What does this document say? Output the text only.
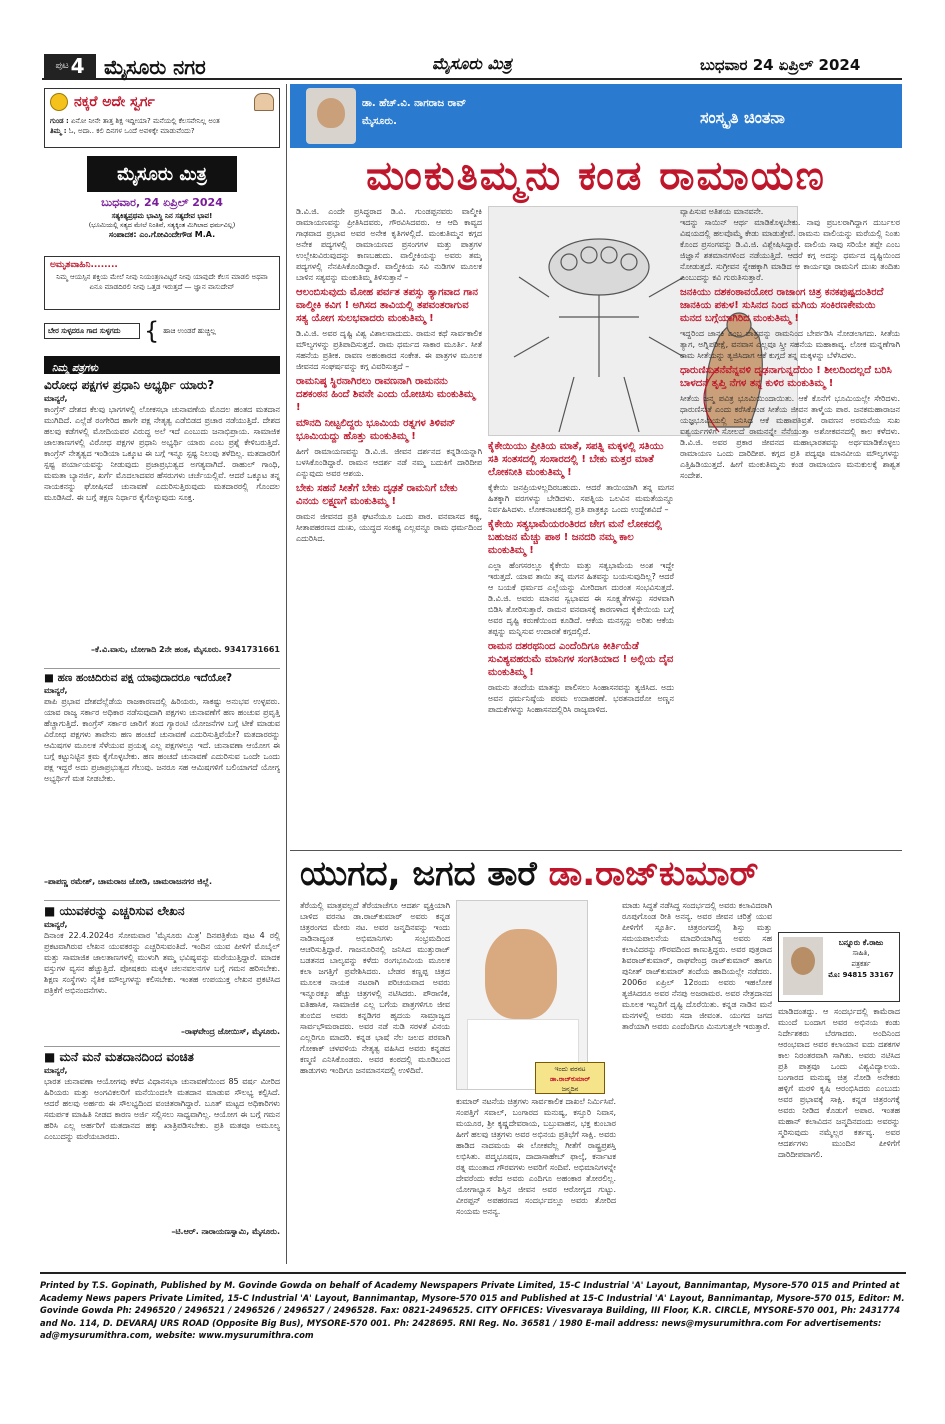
ಪುಟ 4 ಮೈಸೂರು ನಗರ	ಮೈಸೂರು ಮಿತ್ರ	ಬುಧವಾರ 24 ಏಪ್ರಿಲ್ 2024
ನಕ್ಕರೆ ಅದೇ ಸ್ವರ್ಗ
ಗುಂಡ : ಏನೋ ನೀನೇ ತಾತ್ತ ಶಿಕ್ಷ ಇದ್ದೀಯಾ? ಮನೆಯಲ್ಲಿ ಕೆಲಸವೇನಿಲ್ಲ ಅಂತ
ತಿಮ್ಮ : ಓ, ಅದಾ.. ಕಲಿ ದಿನಗಳ ಒಂದೆ ಅವಳಿಕ್ಕೇ ಮಾಡುವೆಂದು?
ಮೈಸೂರು ಮಿತ್ರ
ಬುಧವಾರ, 24 ಏಪ್ರಿಲ್ 2024
ಸತ್ಯಕಿತ್ಯಪ್ರಥಮ ಭಾವಿಸ್ಥಿ ನಿನ ಸತ್ಯದೇವ ಭಾವ!
(ಭೂಮಿಯಲ್ಲಿ ಸತ್ಯದ ಮೇಲೆ ನಿಂತಿವೆ, ಸತ್ಯಕ್ಕಿಂತ ಮಿಗಿಲಾದ ಧರ್ಮವಿಲ್ಲ)
ಸಂಪಾದಕ: ಎಂ.ಗೋವಿಂದೇಗೌಡ M.A.
ಅಮೃತವಾಹಿನಿ........
ನಿಮ್ಮ ಆಯಸ್ಸಿನ ಶಕ್ತಿಯ ಮೇಲೆ ನೀವು ನಿಯಂತ್ರಣವಿಟ್ಟರೆ ನೀವು ಯಾವುದೇ ಕೆಲಸ ಮಾಡಲಿ ಅಥವಾ ಏನೂ ಮಾಡದಿರಲಿ ನೀವು ಒತ್ತಡ ಇರುತ್ತದೆ — ಜ್ಞಾನ ವಾಸುದೇವ್
ಬೇರ ಸುಳ್ಳದರೂ ಗಾದ ಸುಳ್ಳಗದು { ಹಾಚಿ ಉಂಡರೆ ಹುಚ್ಚಿಲ್ಲ
ನಿಮ್ಮ ಪತ್ರಗಳು
ವಿರೋಧ ಪಕ್ಷಗಳ ಪ್ರಧಾನಿ ಅಭ್ಯರ್ಥಿ ಯಾರು?
ಮಾನ್ಯರೆ,
ಕಾಂಗ್ರೆಸ್ ದೇಶದ ಕೆಲವು ಭಾಗಗಳಲ್ಲಿ ಲೋಕಸಭಾ ಚುನಾವಣೆಯ ಮೊದಲ ಹಂತದ ಮತದಾನ ಮುಗಿದಿದೆ. ಎಲ್ಲೆಡೆ ರಂಗೇರಿದ ಹಾಗೇ ಪಕ್ಷ ನೇತೃತ್ವ ಎಡೆಬಿಡದ ಪ್ರಚಾರ ನಡೆಯುತ್ತಿದೆ. ದೇಶದ ಹಲವು ಕಡೆಗಳಲ್ಲಿ ಮೋದಿಯವರ ವಿರುದ್ಧ ಅಲೆ ಇದೆ ಎಂಬುದು ಜನಾಭಿಪ್ರಾಯ. ಸಾಮಾಜಿಕ ಜಾಲತಾಣಗಳಲ್ಲಿ ವಿರೋಧ ಪಕ್ಷಗಳ ಪ್ರಧಾನಿ ಅಭ್ಯರ್ಥಿ ಯಾರು ಎಂಬ ಪ್ರಶ್ನೆ ಕೇಳಿಬರುತ್ತಿದೆ. ಕಾಂಗ್ರೆಸ್ ನೇತೃತ್ವದ ಇಂಡಿಯಾ ಒಕ್ಕೂಟ ಈ ಬಗ್ಗೆ ಇನ್ನೂ ಸ್ಪಷ್ಟ ನಿಲುವು ತಳೆದಿಲ್ಲ. ಮತದಾರರಿಗೆ ಸ್ಪಷ್ಟ ಪರ್ಯಾಯವನ್ನು ನೀಡುವುದು ಪ್ರಜಾಪ್ರಭುತ್ವದ ಅಗತ್ಯವಾಗಿದೆ. ರಾಹುಲ್ ಗಾಂಧಿ, ಮಮತಾ ಬ್ಯಾನರ್ಜಿ, ಖರ್ಗೆ ಮೊದಲಾದವರ ಹೆಸರುಗಳು ಚರ್ಚೆಯಲ್ಲಿವೆ. ಆದರೆ ಒಕ್ಕೂಟ ತನ್ನ ನಾಯಕನನ್ನು ಘೋಷಿಸದೆ ಚುನಾವಣೆ ಎದುರಿಸುತ್ತಿರುವುದು ಮತದಾರರಲ್ಲಿ ಗೊಂದಲ ಮೂಡಿಸಿದೆ. ಈ ಬಗ್ಗೆ ತಕ್ಷಣ ನಿರ್ಧಾರ ಕೈಗೊಳ್ಳುವುದು ಸೂಕ್ತ.
–ಕೆ.ವಿ.ವಾಸು, ಬೋಗಾದಿ 2ನೇ ಹಂತ, ಮೈಸೂರು. 9341731661
■ ಹಣ ಹಂಚಿದಿರುವ ಪಕ್ಷ ಯಾವುದಾದರೂ ಇದೆಯೋ?
ಮಾನ್ಯರೆ,
ಪಾಪಿ ಪ್ರಭಾವ ದೇಶದೆಲ್ಲೆಡೆಯ ರಾಜಕಾರಣದಲ್ಲಿ ಹಿರಿಯರು, ಸಾಕಷ್ಟು ಅನುಭವ ಉಳ್ಳವರು. ಯಾವ ರಾಜ್ಯ ಸರ್ಕಾರ ಅಧಿಕಾರ ನಡೆಸುವುದಾಗಿ ಪಕ್ಷಗಳು ಚುನಾವಣೆಗೆ ಹಣ ಹಂಚುವ ಪ್ರವೃತ್ತಿ ಹೆಚ್ಚಾಗುತ್ತಿದೆ. ಕಾಂಗ್ರೆಸ್ ಸರ್ಕಾರ ಜಾರಿಗೆ ತಂದ ಗ್ಯಾರಂಟಿ ಯೋಜನೆಗಳ ಬಗ್ಗೆ ಟೀಕೆ ಮಾಡುವ ವಿರೋಧ ಪಕ್ಷಗಳು ತಾವೇನು ಹಣ ಹಂಚದೆ ಚುನಾವಣೆ ಎದುರಿಸುತ್ತಿವೆಯೇ? ಮತದಾರರನ್ನು ಆಮಿಷಗಳ ಮೂಲಕ ಸೆಳೆಯುವ ಪ್ರಯತ್ನ ಎಲ್ಲ ಪಕ್ಷಗಳಲ್ಲೂ ಇದೆ. ಚುನಾವಣಾ ಆಯೋಗ ಈ ಬಗ್ಗೆ ಕಟ್ಟುನಿಟ್ಟಿನ ಕ್ರಮ ಕೈಗೊಳ್ಳಬೇಕು. ಹಣ ಹಂಚದೆ ಚುನಾವಣೆ ಎದುರಿಸುವ ಒಂದೇ ಒಂದು ಪಕ್ಷ ಇದ್ದರೆ ಅದು ಪ್ರಜಾಪ್ರಭುತ್ವದ ಗೆಲುವು. ಜನರೂ ಸಹ ಆಮಿಷಗಳಿಗೆ ಬಲಿಯಾಗದೆ ಯೋಗ್ಯ ಅಭ್ಯರ್ಥಿಗೆ ಮತ ನೀಡಬೇಕು.
–ಪಾಪಣ್ಣ ರಮೇಶ್, ಚಾಮರಾಜ ಜೋಡಿ, ಚಾಮರಾಜನಗರ ಜಿಲ್ಲೆ.
■ ಯುವಕರನ್ನು ಎಚ್ಚರಿಸುವ ಲೇಖನ
ಮಾನ್ಯರೆ,
ದಿನಾಂಕ 22.4.2024ರ ಸೋಮವಾರ 'ಮೈಸೂರು ಮಿತ್ರ' ದಿನಪತ್ರಿಕೆಯ ಪುಟ 4 ರಲ್ಲಿ ಪ್ರಕಟವಾಗಿರುವ ಲೇಖನ ಯುವಕರನ್ನು ಎಚ್ಚರಿಸುವಂತಿದೆ. ಇಂದಿನ ಯುವ ಪೀಳಿಗೆ ಮೊಬೈಲ್ ಮತ್ತು ಸಾಮಾಜಿಕ ಜಾಲತಾಣಗಳಲ್ಲಿ ಮುಳುಗಿ ತಮ್ಮ ಭವಿಷ್ಯವನ್ನು ಮರೆಯುತ್ತಿದ್ದಾರೆ. ಮಾದಕ ವಸ್ತುಗಳ ವ್ಯಸನ ಹೆಚ್ಚುತ್ತಿದೆ. ಪೋಷಕರು ಮಕ್ಕಳ ಚಲನವಲನಗಳ ಬಗ್ಗೆ ಗಮನ ಹರಿಸಬೇಕು. ಶಿಕ್ಷಣ ಸಂಸ್ಥೆಗಳು ನೈತಿಕ ಮೌಲ್ಯಗಳನ್ನು ಕಲಿಸಬೇಕು. ಇಂತಹ ಉಪಯುಕ್ತ ಲೇಖನ ಪ್ರಕಟಿಸಿದ ಪತ್ರಿಕೆಗೆ ಅಭಿನಂದನೆಗಳು.
–ರಾಘವೇಂದ್ರ ಜೋಯಿಸ್, ಮೈಸೂರು.
■ ಮನೆ ಮನೆ ಮತದಾನದಿಂದ ವಂಚಿತ
ಮಾನ್ಯರೆ,
ಭಾರತ ಚುನಾವಣಾ ಆಯೋಗವು ಕಳೆದ ವಿಧಾನಸಭಾ ಚುನಾವಣೆಯಿಂದ 85 ವರ್ಷ ಮೀರಿದ ಹಿರಿಯರು ಮತ್ತು ಅಂಗವಿಕಲರಿಗೆ ಮನೆಯಿಂದಲೇ ಮತದಾನ ಮಾಡುವ ಸೌಲಭ್ಯ ಕಲ್ಪಿಸಿದೆ. ಆದರೆ ಹಲವು ಅರ್ಹರು ಈ ಸೌಲಭ್ಯದಿಂದ ವಂಚಿತರಾಗಿದ್ದಾರೆ. ಬೂತ್ ಮಟ್ಟದ ಅಧಿಕಾರಿಗಳು ಸಮರ್ಪಕ ಮಾಹಿತಿ ನೀಡದ ಕಾರಣ ಅರ್ಜಿ ಸಲ್ಲಿಸಲು ಸಾಧ್ಯವಾಗಿಲ್ಲ. ಆಯೋಗ ಈ ಬಗ್ಗೆ ಗಮನ ಹರಿಸಿ ಎಲ್ಲ ಅರ್ಹರಿಗೆ ಮತದಾನದ ಹಕ್ಕು ಖಾತ್ರಿಪಡಿಸಬೇಕು. ಪ್ರತಿ ಮತವೂ ಅಮೂಲ್ಯ ಎಂಬುದನ್ನು ಮರೆಯಬಾರದು.
–ಟಿ.ಆರ್. ನಾರಾಯಣಸ್ವಾಮಿ, ಮೈಸೂರು.
ಡಾ. ಹೆಚ್.ವಿ. ನಾಗರಾಜ ರಾವ್
ಮೈಸೂರು.	ಸಂಸ್ಕೃತಿ ಚಿಂತನಾ
ಮಂಕುತಿಮ್ಮನು ಕಂಡ ರಾಮಾಯಣ
ಡಿ.ವಿ.ಜಿ. ಎಂದೇ ಪ್ರಸಿದ್ಧರಾದ ಡಿ.ವಿ. ಗುಂಡಪ್ಪನವರು ವಾಲ್ಮೀಕಿ ರಾಮಾಯಣವನ್ನು ಪ್ರೀತಿಸಿದವರು, ಗೌರವಿಸಿದವರು. ಆ ಆದಿ ಕಾವ್ಯದ ಗಾಢವಾದ ಪ್ರಭಾವ ಅವರ ಅನೇಕ ಕೃತಿಗಳಲ್ಲಿದೆ. ಮಂಕುತಿಮ್ಮನ ಕಗ್ಗದ ಅನೇಕ ಪದ್ಯಗಳಲ್ಲಿ ರಾಮಾಯಣದ ಪ್ರಸಂಗಗಳ ಮತ್ತು ಪಾತ್ರಗಳ ಉಲ್ಲೇಖವಿರುವುದನ್ನು ಕಾಣಬಹುದು. ವಾಲ್ಮೀಕಿಯನ್ನು ಅವರು ತಮ್ಮ ಪದ್ಯಗಳಲ್ಲಿ ನೆನಪಿಸಿಕೊಂಡಿದ್ದಾರೆ. ವಾಲ್ಮೀಕಿಯ ಸವಿ ನುಡಿಗಳ ಮೂಲಕ ಬಾಳಿನ ಸತ್ಯವನ್ನು ಮಂಕುತಿಮ್ಮ ತಿಳಿಸುತ್ತಾನೆ –
ಆಲಂಬಿಸುವುದು ಮೋಹ ಪರ್ವತ ತಪಸ್ಸು ತ್ಯಾಗವಾದ ಗಾನ ವಾಲ್ಮೀಕಿ ಕವಿಗ ! ಅಗಿಸದ ತಾವಿಯಲ್ಲಿ ತಪವಂತರಾಗುವ ಸತ್ಯ ಯೋಗ ಸುಲಭವಾದರು ಮಂಕುತಿಮ್ಮ !
ಡಿ.ವಿ.ಜಿ. ಅವರ ದೃಷ್ಟಿ ವಿಶ್ವ ವಿಶಾಲವಾದುದು. ರಾಮನ ಕಥೆ ಸಾರ್ವಕಾಲಿಕ ಮೌಲ್ಯಗಳನ್ನು ಪ್ರತಿಪಾದಿಸುತ್ತದೆ. ರಾಮ ಧರ್ಮದ ಸಾಕಾರ ಮೂರ್ತಿ. ಸೀತೆ ಸಹನೆಯ ಪ್ರತೀಕ. ರಾವಣ ಅಹಂಕಾರದ ಸಂಕೇತ. ಈ ಪಾತ್ರಗಳ ಮೂಲಕ ಜೀವನದ ಸಂಘರ್ಷವನ್ನು ಕಗ್ಗ ವಿವರಿಸುತ್ತದೆ –
ರಾಮನಿಷ್ಠ ಸ್ಥಿರನಾಗಿರಲು ರಾವಣನಾಗಿ ರಾಮನನು ದಶಕಂಠನ ಹಿಂದೆ ಶಿವನೇ ಎಂದು ಯೋಚಿಸು ಮಂಕುತಿಮ್ಮ !
ಮೌನದಿ ನೀಟ್ಟಲಿದ್ದರು ಭೂಮಿಯ ರತ್ನಗಳ ತಿಳಿವನ್ ಭೂಮಿಯದ್ದು ಹೊತ್ತು ಮಂಕುತಿಮ್ಮ !
ಹೀಗೆ ರಾಮಾಯಣವನ್ನು ಡಿ.ವಿ.ಜಿ. ಜೀವನ ದರ್ಶನದ ಕನ್ನಡಿಯನ್ನಾಗಿ ಬಳಸಿಕೊಂಡಿದ್ದಾರೆ. ರಾಮನ ಆದರ್ಶ ನಡೆ ನಮ್ಮ ಬದುಕಿಗೆ ದಾರಿದೀಪ ಎನ್ನುವುದು ಅವರ ಆಶಯ.
ಬೇಕು ಸಹನೆ ಸೀತೆಗೆ ಬೇಕು ದೃಢತೆ ರಾಮನಿಗೆ ಬೇಕು ವಿನಯ ಲಕ್ಷ್ಮಣಗೆ ಮಂಕುತಿಮ್ಮ !
ರಾಮನ ಜೀವನದ ಪ್ರತಿ ಘಟನೆಯೂ ಒಂದು ಪಾಠ. ವನವಾಸದ ಕಷ್ಟ, ಸೀತಾಪಹರಣದ ದುಃಖ, ಯುದ್ಧದ ಸಂಕಷ್ಟ ಎಲ್ಲವನ್ನೂ ರಾಮ ಧರ್ಮದಿಂದ ಎದುರಿಸಿದ.
ಕೈಕೇಯಿಯು ಪ್ರೀತಿಯ ಮಾತೆ, ಸಪತ್ನಿ ಮಕ್ಕಳಲ್ಲಿ ಸತಿಯು ಸತಿ ಸಂತಸದಲ್ಲಿ ಸಂಸಾರದಲ್ಲಿ ! ಬೇಕು ಮತ್ತರ ಮಾತೆ ಲೋಕನೀತಿ ಮಂಕುತಿಮ್ಮ !
ಕೈಕೇಯಿ ಜನಪ್ರಿಯಳಲ್ಲದಿರಬಹುದು. ಆದರೆ ತಾಯಿಯಾಗಿ ತನ್ನ ಮಗನ ಹಿತಕ್ಕಾಗಿ ವರಗಳನ್ನು ಬೇಡಿದಳು. ಸಪತ್ನಿಯ ಒಲವಿನ ಮಮತೆಯನ್ನೂ ನಿರ್ವಹಿಸಿದಳು. ಲೋಕನಾಟಕದಲ್ಲಿ ಪ್ರತಿ ಪಾತ್ರಕ್ಕೂ ಒಂದು ಉದ್ದೇಶವಿದೆ –
ಕೈಕೇಯಿ ಸತ್ಯಭಾಮೆಯರಂತಿರದ ಜೇಗ ಮನೆ ಲೋಕದಲ್ಲಿ ಬಹುಜನ ಮೆಚ್ಚು ಪಾಠ ! ಜನದರಿ ನಮ್ಮ ಕಾಲ ಮಂಕುತಿಮ್ಮ !
ಎಲ್ಲಾ ಹೆಂಗಸರಲ್ಲೂ ಕೈಕೇಯಿ ಮತ್ತು ಸತ್ಯಭಾಮೆಯ ಅಂಶ ಇದ್ದೇ ಇರುತ್ತದೆ. ಯಾವ ತಾಯಿ ತನ್ನ ಮಗನ ಹಿತವನ್ನು ಬಯಸುವುದಿಲ್ಲ? ಆದರೆ ಆ ಬಯಕೆ ಧರ್ಮದ ಎಲ್ಲೆಯನ್ನು ಮೀರಿದಾಗ ದುರಂತ ಸಂಭವಿಸುತ್ತದೆ. ಡಿ.ವಿ.ಜಿ. ಅವರು ಮಾನವ ಸ್ವಭಾವದ ಈ ಸೂಕ್ಷ್ಮತೆಗಳನ್ನು ಸರಳವಾಗಿ ಬಿಡಿಸಿ ತೋರಿಸುತ್ತಾರೆ. ರಾಮನ ವನವಾಸಕ್ಕೆ ಕಾರಣಳಾದ ಕೈಕೇಯಿಯ ಬಗ್ಗೆ ಅವರ ದೃಷ್ಟಿ ಕರುಣೆಯಿಂದ ಕೂಡಿದೆ. ಆಕೆಯ ಮನಸ್ಸನ್ನು ಅರಿತು ಆಕೆಯ ತಪ್ಪನ್ನು ಮನ್ನಿಸುವ ಉದಾರತೆ ಕಗ್ಗದಲ್ಲಿದೆ.
ರಾಮನ ದಶರಥನಿಂದ ಎಂದೆಂದಿಗೂ ಕೀರ್ತಿಯೆಡೆ ಸುವಿಶ್ಯವಹರುಮೆ ಮಾನಿಗಳ ಸಂಗತಿಯಾದ ! ಅಲ್ಲಿಯ ದೈವ ಮಂಕುತಿಮ್ಮ !
ರಾಮನು ತಂದೆಯ ಮಾತನ್ನು ಪಾಲಿಸಲು ಸಿಂಹಾಸನವನ್ನು ತ್ಯಜಿಸಿದ. ಅದು ಅವನ ಧರ್ಮನಿಷ್ಠೆಯ ಪರಮ ಉದಾಹರಣೆ. ಭರತನಾದರೋ ಅಣ್ಣನ ಪಾದುಕೆಗಳನ್ನು ಸಿಂಹಾಸನದಲ್ಲಿರಿಸಿ ರಾಜ್ಯವಾಳಿದ.
ವ್ಯಾಪಿಸುವ ಅತಿಶಯ ಮಾನವನೇ.
ಇದನ್ನು ಸಾಯಿನ್ ಆರ್ಥ ಮಾಡಿಕೊಳ್ಳಬೇಕು. ನಾವು ಪ್ರಬಲರಾಗಿದ್ದಾಗ ದುರ್ಬಲರ ವಿಷಯದಲ್ಲಿ ಹಲವೊಮ್ಮೆ ಕೇಡು ಮಾಡುತ್ತೇವೆ. ರಾಮನು ವಾಲಿಯನ್ನು ಮರೆಯಲ್ಲಿ ನಿಂತು ಕೊಂದ ಪ್ರಸಂಗವನ್ನು ಡಿ.ವಿ.ಜಿ. ವಿಶ್ಲೇಷಿಸಿದ್ದಾರೆ. ವಾಲಿಯ ಸಾವು ಸರಿಯೇ ತಪ್ಪೇ ಎಂಬ ಜಿಜ್ಞಾಸೆ ಶತಮಾನಗಳಿಂದ ನಡೆಯುತ್ತಿದೆ. ಆದರೆ ಕಗ್ಗ ಅದನ್ನು ಧರ್ಮದ ದೃಷ್ಟಿಯಿಂದ ನೋಡುತ್ತದೆ. ಸುಗ್ರೀವನ ಸ್ನೇಹಕ್ಕಾಗಿ ಮಾಡಿದ ಆ ಕಾರ್ಯವೂ ರಾಮನಿಗೆ ದುಃಖ ತಂದಿತು ಎಂಬುದನ್ನು ಕವಿ ಗುರುತಿಸುತ್ತಾರೆ.
ಜನಕಿಯು ದಶಕಂಠಾವಯೋರ ರಾಜಾಂಗ ಚಿತ್ರ ಕನಕಪುಷ್ಪದಂತಿರದೆ ಜಾನಕಿಯ ಪಕುಳ! ಸುಸಿನದ ನಿಂದ ಮಗಿಯ ಸಂಕಿರಣಕೇಮಯಿ ಮನದ ಬಗ್ಗೆಯಾಗಿರಿದ ಮಂಕುತಿಮ್ಮ !
ಇದ್ದರಿಂದ ಜಾನಕಿ ಎಂಬ ಪಾತ್ರವನ್ನು ರಾಮನಿಂದ ಬೇರ್ಪಡಿಸಿ ನೋಡಲಾಗದು. ಸೀತೆಯ ತ್ಯಾಗ, ಅಗ್ನಿಪರೀಕ್ಷೆ, ವನವಾಸ ಎಲ್ಲವೂ ಸ್ತ್ರೀ ಸಹನೆಯ ಮಹಾಕಾವ್ಯ. ಲೋಕ ಮನ್ನಣೆಗಾಗಿ ರಾಮ ಸೀತೆಯನ್ನು ತ್ಯಜಿಸಿದಾಗ ಆಕೆ ಕುಗ್ಗದೆ ತನ್ನ ಮಕ್ಕಳನ್ನು ಬೆಳೆಸಿದಳು.
ಧಾರುಣಿಸುತನೆವೆನ್ನವಳಿ ದೃಢನಾಗುನ್ನದೆರುಂ ! ಶೀಲದಿಂದಲ್ಲದೆ ಬರಿಸಿ ಬಾಳದನೆ ತೃಪ್ತಿ ನೆಗಳ ತನ್ನ ಕುಳಿರ ಮಂಕುತಿಮ್ಮ !
ಸೀತೆಯ ಜನ್ಮ ಪವಿತ್ರ ಭೂಮಿಯಿಂದಾಯಿತು. ಆಕೆ ಕೊನೆಗೆ ಭೂಮಿಯಲ್ಲೇ ಸೇರಿದಳು. ಧಾರುಣಿಸುತೆ ಎಂದು ಕರೆಸಿಕೊಂಡ ಸೀತೆಯ ಜೀವನ ತಾಳ್ಮೆಯ ಪಾಠ. ಜನಕಮಹಾರಾಜನ ಯಜ್ಞಭೂಮಿಯಲ್ಲಿ ಜನಿಸಿದ ಆಕೆ ಮಹಾಪತಿವ್ರತೆ. ರಾವಣನ ಅರಮನೆಯ ಸುಖ ಐಶ್ವರ್ಯಗಳಿಗೆ ಸೋಲದೆ ರಾಮನನ್ನೇ ನೆನೆಯುತ್ತಾ ಅಶೋಕವನದಲ್ಲಿ ಕಾಲ ಕಳೆದಳು. ಡಿ.ವಿ.ಜಿ. ಅವರ ಪ್ರಕಾರ ಜೀವನದ ಮಹಾಭಾರತವನ್ನು ಅರ್ಥಮಾಡಿಕೊಳ್ಳಲು ರಾಮಾಯಣ ಒಂದು ದಾರಿದೀಪ. ಕಗ್ಗದ ಪ್ರತಿ ಪದ್ಯವೂ ಮಾನವೀಯ ಮೌಲ್ಯಗಳನ್ನು ಎತ್ತಿಹಿಡಿಯುತ್ತದೆ. ಹೀಗೆ ಮಂಕುತಿಮ್ಮನು ಕಂಡ ರಾಮಾಯಣ ಮನುಕುಲಕ್ಕೆ ಶಾಶ್ವತ ಸಂದೇಶ.
ಯುಗದ, ಜಗದ ತಾರೆ ಡಾ.ರಾಜ್‌ಕುಮಾರ್
ತೆರೆಯಲ್ಲಿ ಮಾತ್ರವಲ್ಲದೆ ತೆರೆಯಾಚೆಗೂ ಆದರ್ಶ ವ್ಯಕ್ತಿಯಾಗಿ ಬಾಳಿದ ವರನಟ ಡಾ.ರಾಜ್‌ಕುಮಾರ್ ಅವರು ಕನ್ನಡ ಚಿತ್ರರಂಗದ ಮೇರು ನಟ. ಅವರ ಜನ್ಮದಿನವನ್ನು ಇಂದು ನಾಡಿನಾದ್ಯಂತ ಅಭಿಮಾನಿಗಳು ಸಂಭ್ರಮದಿಂದ ಆಚರಿಸುತ್ತಿದ್ದಾರೆ. ಗಾಜನೂರಿನಲ್ಲಿ ಜನಿಸಿದ ಮುತ್ತುರಾಜ್ ಬಡತನದ ಬಾಲ್ಯವನ್ನು ಕಳೆದು ರಂಗಭೂಮಿಯ ಮೂಲಕ ಕಲಾ ಜಗತ್ತಿಗೆ ಪ್ರವೇಶಿಸಿದರು. ಬೇಡರ ಕಣ್ಣಪ್ಪ ಚಿತ್ರದ ಮೂಲಕ ನಾಯಕ ನಟರಾಗಿ ಪರಿಚಯವಾದ ಅವರು ಇನ್ನೂರಕ್ಕೂ ಹೆಚ್ಚು ಚಿತ್ರಗಳಲ್ಲಿ ನಟಿಸಿದರು. ಪೌರಾಣಿಕ, ಐತಿಹಾಸಿಕ, ಸಾಮಾಜಿಕ ಎಲ್ಲ ಬಗೆಯ ಪಾತ್ರಗಳಿಗೂ ಜೀವ ತುಂಬಿದ ಅವರು ಕನ್ನಡಿಗರ ಹೃದಯ ಸಾಮ್ರಾಜ್ಯದ ಸಾರ್ವಭೌಮರಾದರು. ಅವರ ನಡೆ ನುಡಿ ಸರಳತೆ ವಿನಯ ಎಲ್ಲರಿಗೂ ಮಾದರಿ. ಕನ್ನಡ ಭಾಷೆ ನೆಲ ಜಲದ ಪರವಾಗಿ ಗೋಕಾಕ್ ಚಳವಳಿಯ ನೇತೃತ್ವ ವಹಿಸಿದ ಅವರು ಕನ್ನಡದ ಕಣ್ಮಣಿ ಎನಿಸಿಕೊಂಡರು. ಅವರ ಕಂಠದಲ್ಲಿ ಮೂಡಿಬಂದ ಹಾಡುಗಳು ಇಂದಿಗೂ ಜನಮಾನಸದಲ್ಲಿ ಉಳಿದಿವೆ.	ಇಂದು ವರನಟ
ಡಾ.ರಾಜ್‌ಕುಮಾರ್
ಜನ್ಮದಿನ
ಕುಮಾರ್ ನಟನೆಯ ಚಿತ್ರಗಳು ಸಾರ್ವಕಾಲಿಕ ದಾಖಲೆ ನಿರ್ಮಿಸಿವೆ. ಸಂಪತ್ತಿಗೆ ಸವಾಲ್, ಬಂಗಾರದ ಮನುಷ್ಯ, ಕಸ್ತೂರಿ ನಿವಾಸ, ಮಯೂರ, ಶ್ರೀ ಕೃಷ್ಣದೇವರಾಯ, ಬಬ್ರುವಾಹನ, ಭಕ್ತ ಕುಂಬಾರ ಹೀಗೆ ಹಲವು ಚಿತ್ರಗಳು ಅವರ ಅಭಿನಯ ಪ್ರತಿಭೆಗೆ ಸಾಕ್ಷಿ. ಅವರು ಹಾಡಿದ ನಾದಮಯ ಈ ಲೋಕವೆಲ್ಲ ಗೀತೆಗೆ ರಾಷ್ಟ್ರಪ್ರಶಸ್ತಿ ಲಭಿಸಿತು. ಪದ್ಮಭೂಷಣ, ದಾದಾಸಾಹೇಬ್ ಫಾಲ್ಕೆ, ಕರ್ನಾಟಕ ರತ್ನ ಮುಂತಾದ ಗೌರವಗಳು ಅವರಿಗೆ ಸಂದಿವೆ. ಅಭಿಮಾನಿಗಳನ್ನೇ ದೇವರೆಂದು ಕರೆದ ಅವರು ಎಂದಿಗೂ ಅಹಂಕಾರ ತೋರಲಿಲ್ಲ. ಯೋಗಾಭ್ಯಾಸ ಶಿಸ್ತಿನ ಜೀವನ ಅವರ ಆರೋಗ್ಯದ ಗುಟ್ಟು. ವೀರಪ್ಪನ್ ಅಪಹರಣದ ಸಂದರ್ಭದಲ್ಲೂ ಅವರು ತೋರಿದ ಸಂಯಮ ಅನನ್ಯ.
ಮಾಡು ಸಿದ್ಧತೆ ನಡೆಸಿದ್ದ ಸಂದರ್ಭದಲ್ಲಿ ಅವರು ಕಲಾವಿದರಾಗಿ ರೂಪುಗೊಂಡ ರೀತಿ ಅನನ್ಯ. ಅವರ ಜೀವನ ಚರಿತ್ರೆ ಯುವ ಪೀಳಿಗೆಗೆ ಸ್ಫೂರ್ತಿ. ಚಿತ್ರರಂಗದಲ್ಲಿ ಶಿಸ್ತು ಮತ್ತು ಸಮಯಪಾಲನೆಯ ಮಾದರಿಯಾಗಿದ್ದ ಅವರು ಸಹ ಕಲಾವಿದರನ್ನು ಗೌರವದಿಂದ ಕಾಣುತ್ತಿದ್ದರು. ಅವರ ಪುತ್ರರಾದ ಶಿವರಾಜ್‌ಕುಮಾರ್, ರಾಘವೇಂದ್ರ ರಾಜ್‌ಕುಮಾರ್ ಹಾಗೂ ಪುನೀತ್ ರಾಜ್‌ಕುಮಾರ್ ತಂದೆಯ ಹಾದಿಯಲ್ಲೇ ನಡೆದರು. 2006ರ ಏಪ್ರಿಲ್ 12ರಂದು ಅವರು ಇಹಲೋಕ ತ್ಯಜಿಸಿದರೂ ಅವರ ನೆನಪು ಅಜರಾಮರ. ಅವರ ನೇತ್ರದಾನದ ಮೂಲಕ ಇಬ್ಬರಿಗೆ ದೃಷ್ಟಿ ದೊರೆಯಿತು. ಕನ್ನಡ ನಾಡಿನ ಮನೆ ಮನಗಳಲ್ಲಿ ಅವರು ಸದಾ ಜೀವಂತ. ಯುಗದ ಜಗದ ತಾರೆಯಾಗಿ ಅವರು ಎಂದೆಂದಿಗೂ ಮಿನುಗುತ್ತಲೇ ಇರುತ್ತಾರೆ.
ಬನ್ನೂರು ಕೆ.ರಾಜು
ಸಾಹಿತಿ,
ಪತ್ರಕರ್ತ
ಮೊ: 94815 33167
ಮಾಡಿದಂತದ್ದು. ಆ ಸಂದರ್ಭದಲ್ಲಿ ಕಾಮೆರಾದ ಮುಂದೆ ಬಂದಾಗ ಅವರ ಅಭಿನಯ ಕಂಡು ನಿರ್ದೇಶಕರು ಬೆರಗಾದರು. ಅಂದಿನಿಂದ ಆರಂಭವಾದ ಅವರ ಕಲಾಯಾನ ಐದು ದಶಕಗಳ ಕಾಲ ನಿರಂತರವಾಗಿ ಸಾಗಿತು. ಅವರು ನಟಿಸಿದ ಪ್ರತಿ ಪಾತ್ರವೂ ಒಂದು ವಿಶ್ವವಿದ್ಯಾಲಯ. ಬಂಗಾರದ ಮನುಷ್ಯ ಚಿತ್ರ ನೋಡಿ ಅನೇಕರು ಹಳ್ಳಿಗೆ ಮರಳಿ ಕೃಷಿ ಆರಂಭಿಸಿದರು ಎಂಬುದು ಅವರ ಪ್ರಭಾವಕ್ಕೆ ಸಾಕ್ಷಿ. ಕನ್ನಡ ಚಿತ್ರರಂಗಕ್ಕೆ ಅವರು ನೀಡಿದ ಕೊಡುಗೆ ಅಪಾರ. ಇಂತಹ ಮಹಾನ್ ಕಲಾವಿದನ ಜನ್ಮದಿನದಂದು ಅವರನ್ನು ಸ್ಮರಿಸುವುದು ನಮ್ಮೆಲ್ಲರ ಕರ್ತವ್ಯ. ಅವರ ಆದರ್ಶಗಳು ಮುಂದಿನ ಪೀಳಿಗೆಗೆ ದಾರಿದೀಪವಾಗಲಿ.
Printed by T.S. Gopinath, Published by M. Govinde Gowda on behalf of Academy Newspapers Private Limited, 15-C Industrial 'A' Layout, Bannimantap, Mysore-570 015 and Printed at Academy News papers Private Limited, 15-C Industrial 'A' Layout, Bannimantap, Mysore-570 015 and Published at 15-C Industrial 'A' Layout, Bannimantap, Mysore-570 015, Editor: M. Govinde Gowda Ph: 2496520 / 2496521 / 2496526 / 2496527 / 2496528. Fax: 0821-2496525. CITY OFFICES: Vivesvaraya Building, III Floor, K.R. CIRCLE, MYSORE-570 001, Ph: 2431774 and No. 114, D. DEVARAJ URS ROAD (Opposite Big Bus), MYSORE-570 001. Ph: 2428695. RNI Reg. No. 36581 / 1980 E-mail address: news@mysurumithra.com For advertisements: ad@mysurumithra.com, website: www.mysurumithra.com
